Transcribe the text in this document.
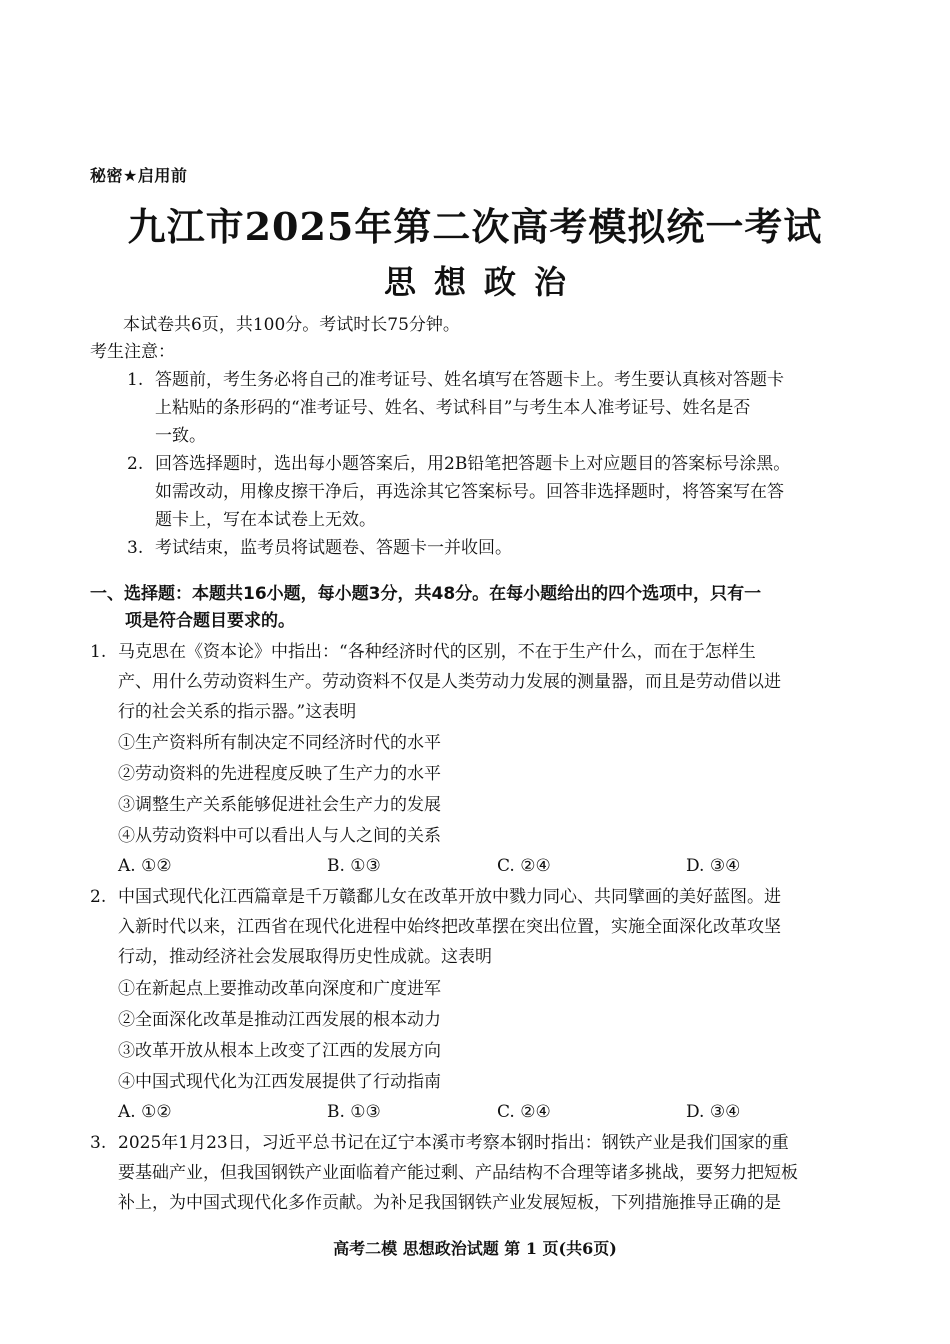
秘密★启用前
九江市2025年第二次高考模拟统一考试
思想政治
本试卷共6页，共100分。考试时长75分钟。
考生注意：
1. 答题前，考生务必将自己的准考证号、姓名填写在答题卡上。考生要认真核对答题卡
上粘贴的条形码的“准考证号、姓名、考试科目”与考生本人准考证号、姓名是否
一致。
2. 回答选择题时，选出每小题答案后，用2B铅笔把答题卡上对应题目的答案标号涂黑。
如需改动，用橡皮擦干净后，再选涂其它答案标号。回答非选择题时，将答案写在答
题卡上，写在本试卷上无效。
3. 考试结束，监考员将试题卷、答题卡一并收回。
一、选择题：本题共16小题，每小题3分，共48分。在每小题给出的四个选项中，只有一
项是符合题目要求的。
1. 马克思在《资本论》中指出：“各种经济时代的区别，不在于生产什么，而在于怎样生
产、用什么劳动资料生产。劳动资料不仅是人类劳动力发展的测量器，而且是劳动借以进
行的社会关系的指示器。”这表明
①生产资料所有制决定不同经济时代的水平
②劳动资料的先进程度反映了生产力的水平
③调整生产关系能够促进社会生产力的发展
④从劳动资料中可以看出人与人之间的关系
A. ①②	B. ①③	C. ②④	D. ③④
2. 中国式现代化江西篇章是千万赣鄱儿女在改革开放中戮力同心、共同擘画的美好蓝图。进
入新时代以来，江西省在现代化进程中始终把改革摆在突出位置，实施全面深化改革攻坚
行动，推动经济社会发展取得历史性成就。这表明
①在新起点上要推动改革向深度和广度进军
②全面深化改革是推动江西发展的根本动力
③改革开放从根本上改变了江西的发展方向
④中国式现代化为江西发展提供了行动指南
A. ①②	B. ①③	C. ②④	D. ③④
3. 2025年1月23日，习近平总书记在辽宁本溪市考察本钢时指出：钢铁产业是我们国家的重
要基础产业，但我国钢铁产业面临着产能过剩、产品结构不合理等诸多挑战，要努力把短板
补上，为中国式现代化多作贡献。为补足我国钢铁产业发展短板，下列措施推导正确的是
高考二模 思想政治试题 第 1 页(共6页)
